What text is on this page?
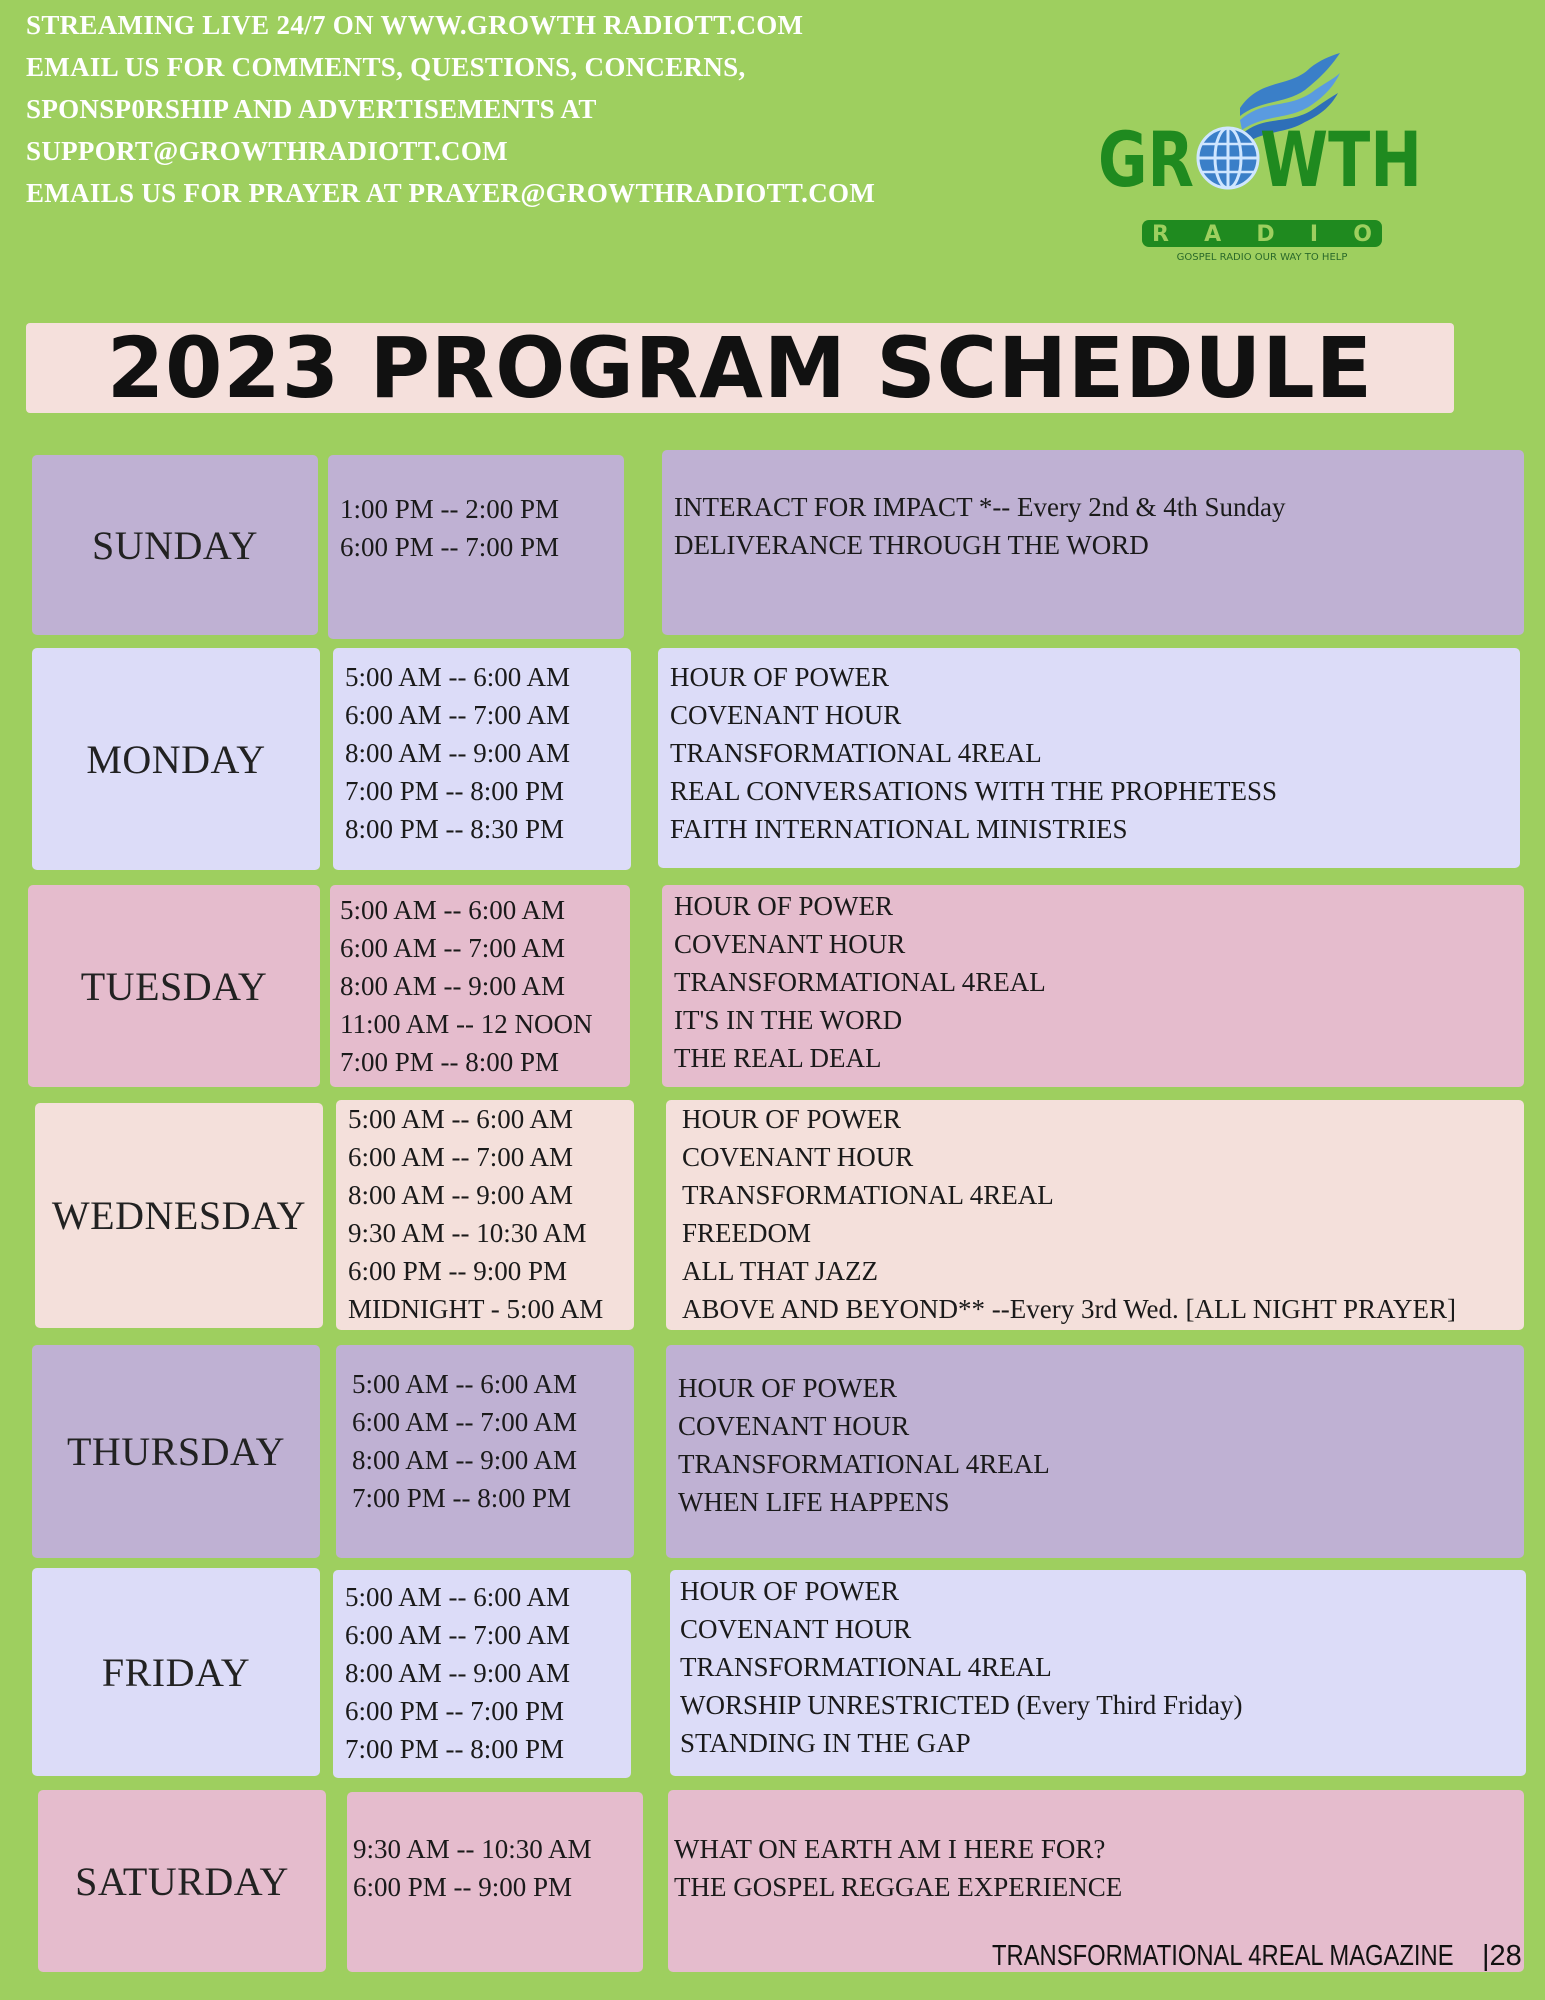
STREAMING LIVE 24/7 ON WWW.GROWTH RADIOTT.COM
EMAIL US FOR COMMENTS, QUESTIONS, CONCERNS,
SPONSP0RSHIP AND ADVERTISEMENTS AT
SUPPORT@GROWTHRADIOTT.COM
EMAILS US FOR PRAYER AT PRAYER@GROWTHRADIOTT.COM	GR WTH
R A D I O
GOSPEL RADIO OUR WAY TO HELP
2023 PROGRAM SCHEDULE
SUNDAY
1:00 PM -- 2:00 PM
6:00 PM -- 7:00 PM
INTERACT FOR IMPACT *-- Every 2nd & 4th Sunday
DELIVERANCE THROUGH THE WORD
MONDAY
5:00 AM -- 6:00 AM
6:00 AM -- 7:00 AM
8:00 AM -- 9:00 AM
7:00 PM -- 8:00 PM
8:00 PM -- 8:30 PM
HOUR OF POWER
COVENANT HOUR
TRANSFORMATIONAL 4REAL
REAL CONVERSATIONS WITH THE PROPHETESS
FAITH INTERNATIONAL MINISTRIES
TUESDAY
5:00 AM -- 6:00 AM
6:00 AM -- 7:00 AM
8:00 AM -- 9:00 AM
11:00 AM -- 12 NOON
7:00 PM -- 8:00 PM
HOUR OF POWER
COVENANT HOUR
TRANSFORMATIONAL 4REAL
IT'S IN THE WORD
THE REAL DEAL
WEDNESDAY
5:00 AM -- 6:00 AM
6:00 AM -- 7:00 AM
8:00 AM -- 9:00 AM
9:30 AM -- 10:30 AM
6:00 PM -- 9:00 PM
MIDNIGHT - 5:00 AM
HOUR OF POWER
COVENANT HOUR
TRANSFORMATIONAL 4REAL
FREEDOM
ALL THAT JAZZ
ABOVE AND BEYOND** --Every 3rd Wed. [ALL NIGHT PRAYER]
THURSDAY
5:00 AM -- 6:00 AM
6:00 AM -- 7:00 AM
8:00 AM -- 9:00 AM
7:00 PM -- 8:00 PM
HOUR OF POWER
COVENANT HOUR
TRANSFORMATIONAL 4REAL
WHEN LIFE HAPPENS
FRIDAY
5:00 AM -- 6:00 AM
6:00 AM -- 7:00 AM
8:00 AM -- 9:00 AM
6:00 PM -- 7:00 PM
7:00 PM -- 8:00 PM
HOUR OF POWER
COVENANT HOUR
TRANSFORMATIONAL 4REAL
WORSHIP UNRESTRICTED (Every Third Friday)
STANDING IN THE GAP
SATURDAY
9:30 AM -- 10:30 AM
6:00 PM -- 9:00 PM
WHAT ON EARTH AM I HERE FOR?
THE GOSPEL REGGAE EXPERIENCE
TRANSFORMATIONAL 4REAL MAGAZINE |28
